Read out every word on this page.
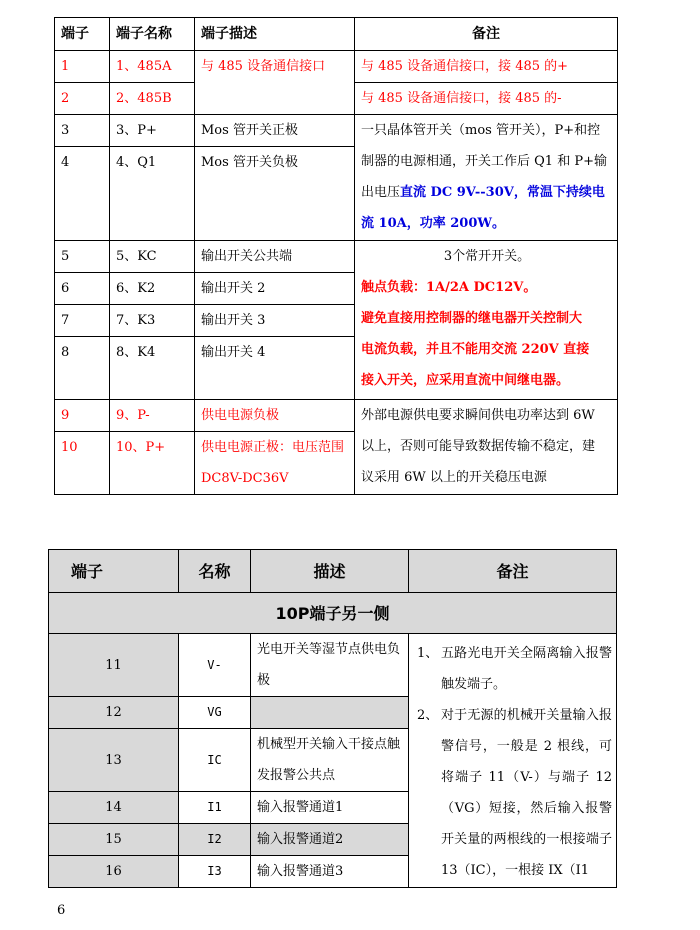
端子	端子名称	端子描述	备注
1	1、485A	与 485 设备通信接口	与 485 设备通信接口，接 485 的+
2	2、485B		与 485 设备通信接口，接 485 的-
3	3、P+	Mos 管开关正极	一只晶体管开关（mos 管开关），P+和控
制器的电源相通，开关工作后 Q1 和 P+输
出电压直流 DC 9V--30V，常温下持续电
流 10A，功率 200W。

4	4、Q1	Mos 管开关负极	
5	5、KC	输出开关公共端	3个常开开关。
触点负载：1A/2A DC12V。
避免直接用控制器的继电器开关控制大
电流负载，并且不能用交流 220V 直接
接入开关，应采用直流中间继电器。

6	6、K2	输出开关 2	
7	7、K3	输出开关 3	
8	8、K4	输出开关 4	
9	9、P-	供电电源负极	外部电源供电要求瞬间供电功率达到 6W
以上，否则可能导致数据传输不稳定，建
议采用 6W 以上的开关稳压电源

10	10、P+	供电电源正极：电压范围 DC8V-DC36V	
端子	名称	描述	备注
10P端子另一侧			
11	V-	光电开关等湿节点供电负极	1、 五路光电开关全隔离输入报警触发端子。
2、 对于无源的机械开关量输入报警信号，一般是 2 根线，可将端子 11（V-）与端子 12（VG）短接，然后输入报警开关量的两根线的一根接端子 13（IC），一根接 IX（I1

12	VG		
13	IC	机械型开关输入干接点触发报警公共点	
14	I1	输入报警通道1	
15	I2	输入报警通道2	
16	I3	输入报警通道3	
6
